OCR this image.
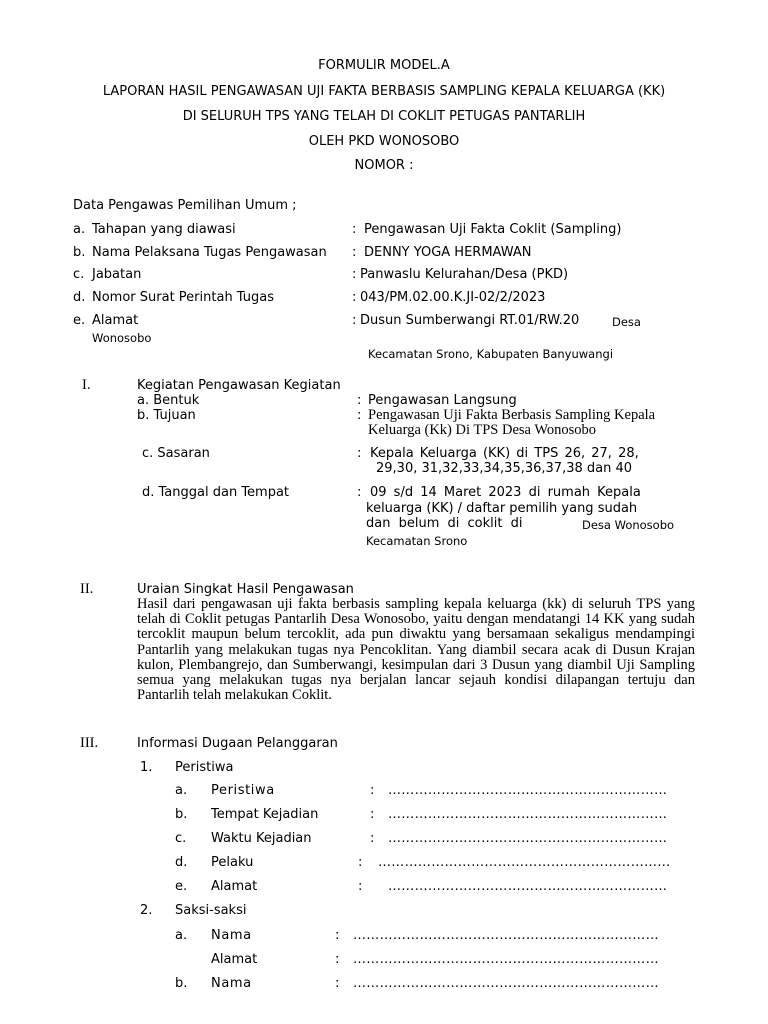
FORMULIR MODEL.A
LAPORAN HASIL PENGAWASAN UJI FAKTA BERBASIS SAMPLING KEPALA KELUARGA (KK)
DI SELURUH TPS YANG TELAH DI COKLIT PETUGAS PANTARLIH
OLEH PKD WONOSOBO
NOMOR :
Data Pengawas Pemilihan Umum ;
a. Tahapan yang diawasi	: Pengawasan Uji Fakta Coklit (Sampling)
b. Nama Pelaksana Tugas Pengawasan : DENNY YOGA HERMAWAN
c. Jabatan	: Panwaslu Kelurahan/Desa (PKD)
d. Nomor Surat Perintah Tugas	: 043/PM.02.00.K.JI-02/2/2023
e. Alamat	: Dusun Sumberwangi RT.01/RW.20	Desa
Wonosobo
Kecamatan Srono, Kabupaten Banyuwangi
I.	Kegiatan Pengawasan Kegiatan
a. Bentuk	: Pengawasan Langsung
b. Tujuan	: Pengawasan Uji Fakta Berbasis Sampling Kepala
Keluarga (Kk) Di TPS Desa Wonosobo
c. Sasaran	: Kepala Keluarga (KK) di TPS 26, 27, 28,
29,30, 31,32,33,34,35,36,37,38 dan 40
d. Tanggal dan Tempat	: 09 s/d 14 Maret 2023 di rumah Kepala
keluarga (KK) / daftar pemilih yang sudah
dan belum di coklit di	Desa Wonosobo
Kecamatan Srono
II.	Uraian Singkat Hasil Pengawasan
Hasil dari pengawasan uji fakta berbasis sampling kepala keluarga (kk) di seluruh TPS yang telah di Coklit petugas Pantarlih Desa Wonosobo, yaitu dengan mendatangi 14 KK yang sudah tercoklit maupun belum tercoklit, ada pun diwaktu yang bersamaan sekaligus mendampingi Pantarlih yang melakukan tugas nya Pencoklitan. Yang diambil secara acak di Dusun Krajan kulon, Plembangrejo, dan Sumberwangi, kesimpulan dari 3 Dusun yang diambil Uji Sampling semua yang melakukan tugas nya berjalan lancar sejauh kondisi dilapangan tertuju dan Pantarlih telah melakukan Coklit.
III.	Informasi Dugaan Pelanggaran
1. Peristiwa
a. Peristiwa	: ………………………………………………………
b. Tempat Kejadian	: ………………………………………………………
c. Waktu Kejadian	: ………………………………………………………
d. Pelaku	: …………………………………………………………
e. Alamat	: ………………………………………………………
2. Saksi-saksi
a. Nama	: ……………………………………………………………
Alamat	: ……………………………………………………………
b. Nama	: ……………………………………………………………
